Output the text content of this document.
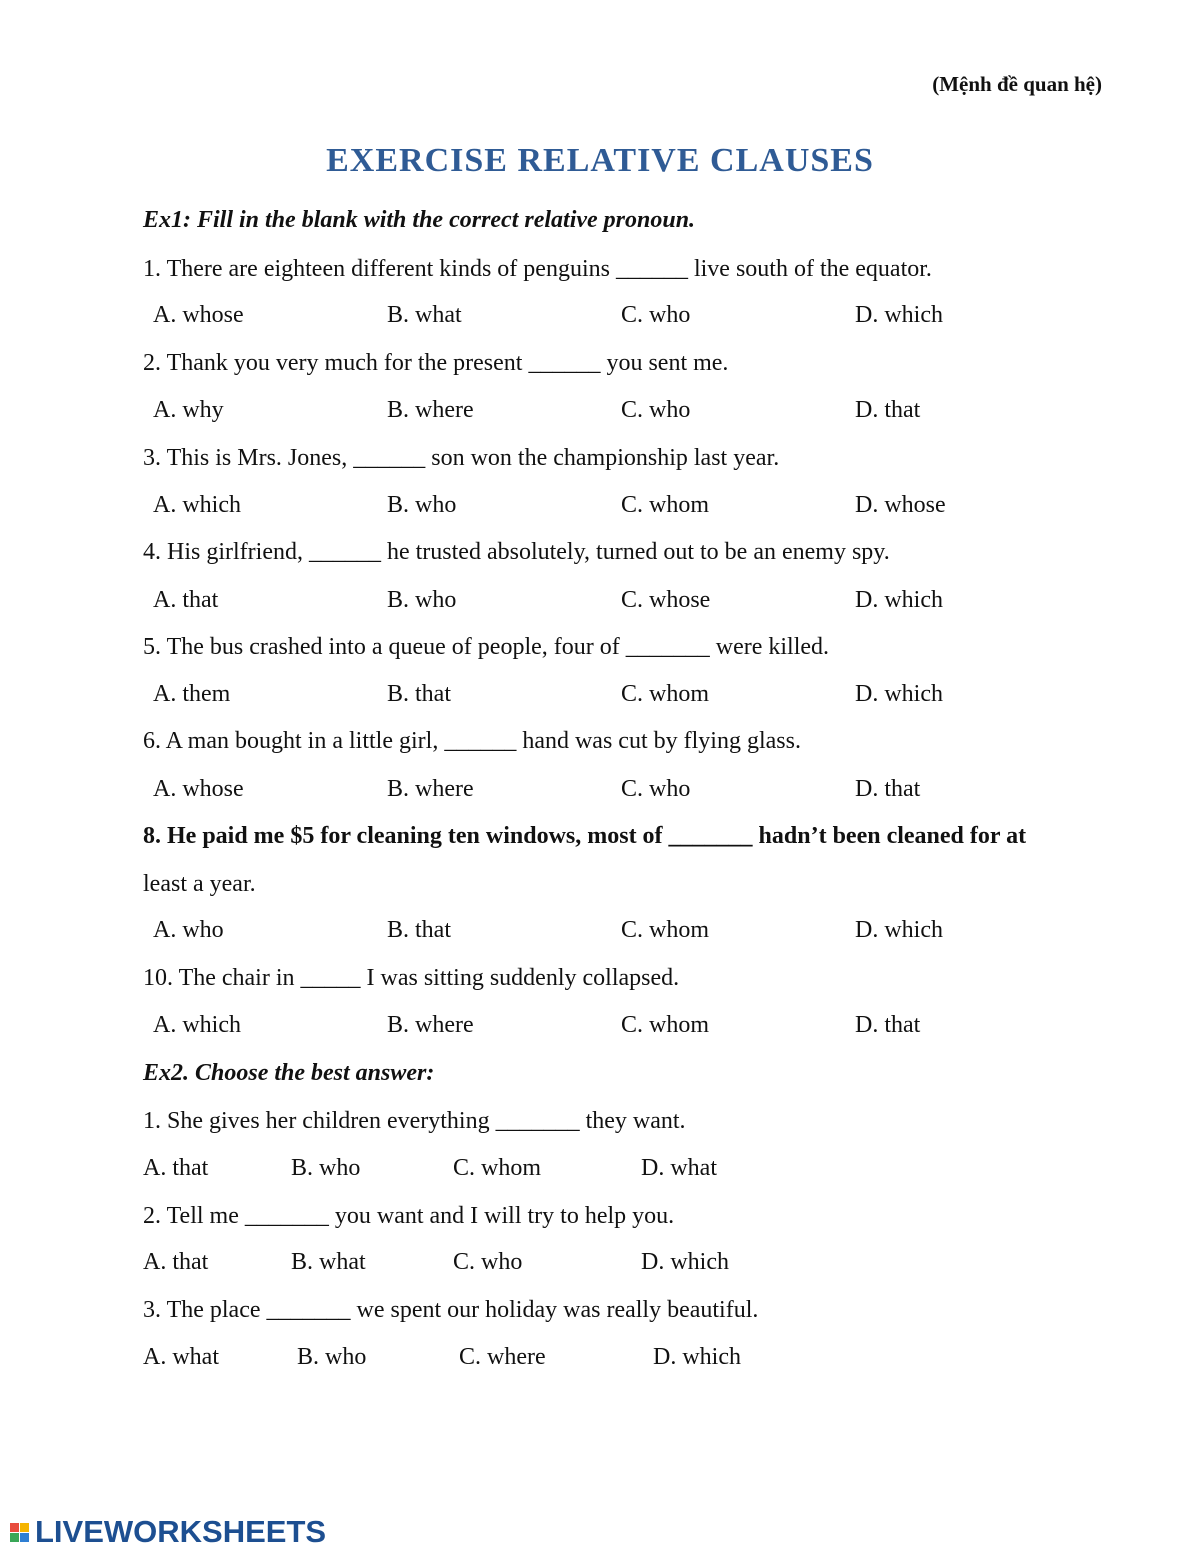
(Mệnh đề quan hệ)
EXERCISE RELATIVE CLAUSES
Ex1: Fill in the blank with the correct relative pronoun.
1. There are eighteen different kinds of penguins ______ live south of the equator.
A. whose	B. what	C. who	D. which
2. Thank you very much for the present ______ you sent me.
A. why	B. where	C. who	D. that
3. This is Mrs. Jones, ______ son won the championship last year.
A. which	B. who	C. whom	D. whose
4. His girlfriend, ______ he trusted absolutely, turned out to be an enemy spy.
A. that	B. who	C. whose	D. which
5. The bus crashed into a queue of people, four of _______ were killed.
A. them	B. that	C. whom	D. which
6. A man bought in a little girl, ______ hand was cut by flying glass.
A. whose	B. where	C. who	D. that
8. He paid me $5 for cleaning ten windows, most of _______ hadn’t been cleaned for at
least a year.
A. who	B. that	C. whom	D. which
10. The chair in _____ I was sitting suddenly collapsed.
A. which	B. where	C. whom	D. that
Ex2. Choose the best answer:
1. She gives her children everything _______ they want.
A. that	B. who	C. whom	D. what
2. Tell me _______ you want and I will try to help you.
A. that	B. what	C. who	D. which
3. The place _______ we spent our holiday was really beautiful.
A. what	B. who	C. where	D. which
LIVEWORKSHEETS
